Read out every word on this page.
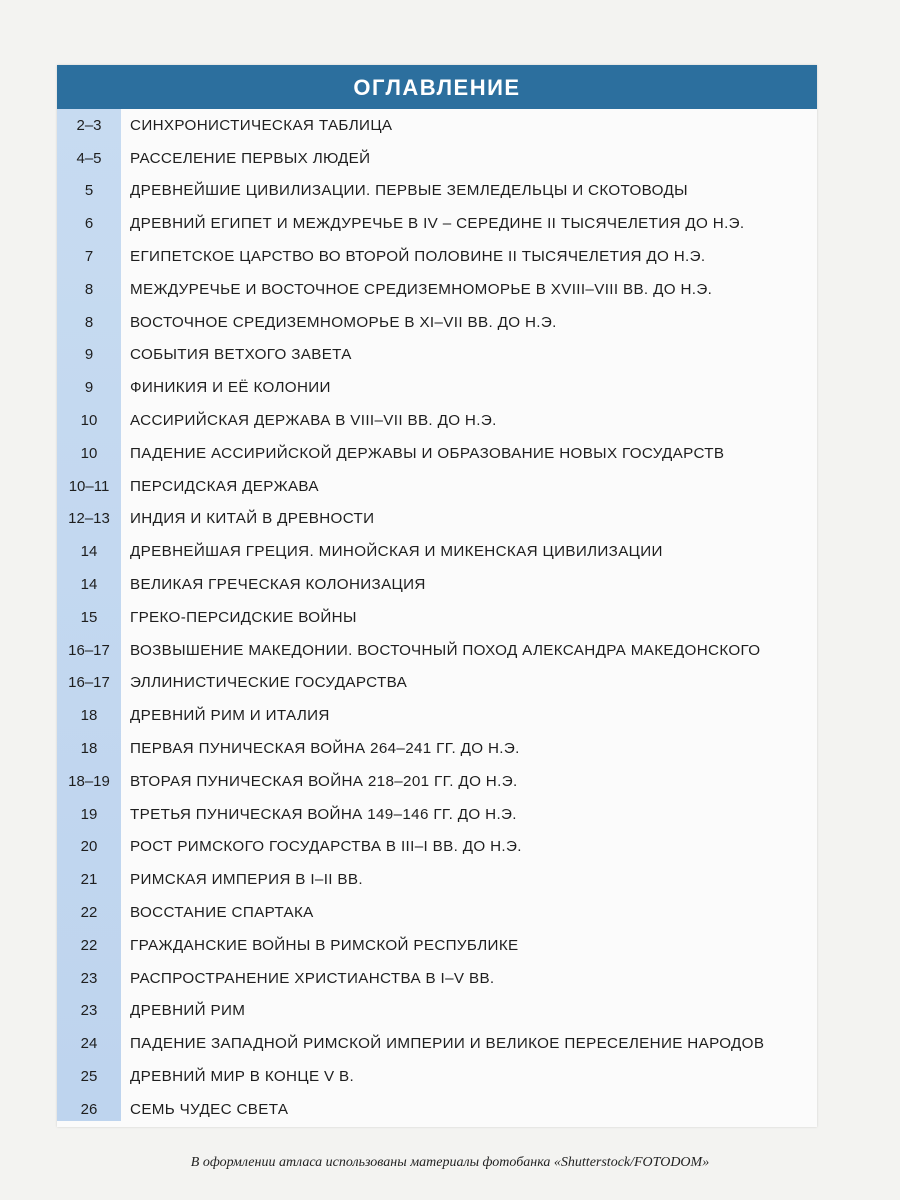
ОГЛАВЛЕНИЕ
2–3	СИНХРОНИСТИЧЕСКАЯ ТАБЛИЦА
4–5	РАССЕЛЕНИЕ ПЕРВЫХ ЛЮДЕЙ
5	ДРЕВНЕЙШИЕ ЦИВИЛИЗАЦИИ. ПЕРВЫЕ ЗЕМЛЕДЕЛЬЦЫ И СКОТОВОДЫ
6	ДРЕВНИЙ ЕГИПЕТ И МЕЖДУРЕЧЬЕ В IV – СЕРЕДИНЕ II ТЫСЯЧЕЛЕТИЯ ДО Н.Э.
7	ЕГИПЕТСКОЕ ЦАРСТВО ВО ВТОРОЙ ПОЛОВИНЕ II ТЫСЯЧЕЛЕТИЯ ДО Н.Э.
8	МЕЖДУРЕЧЬЕ И ВОСТОЧНОЕ СРЕДИЗЕМНОМОРЬЕ В XVIII–VIII ВВ. ДО Н.Э.
8	ВОСТОЧНОЕ СРЕДИЗЕМНОМОРЬЕ В XI–VII ВВ. ДО Н.Э.
9	СОБЫТИЯ ВЕТХОГО ЗАВЕТА
9	ФИНИКИЯ И ЕЁ КОЛОНИИ
10	АССИРИЙСКАЯ ДЕРЖАВА В VIII–VII ВВ. ДО Н.Э.
10	ПАДЕНИЕ АССИРИЙСКОЙ ДЕРЖАВЫ И ОБРАЗОВАНИЕ НОВЫХ ГОСУДАРСТВ
10–11	ПЕРСИДСКАЯ ДЕРЖАВА
12–13	ИНДИЯ И КИТАЙ В ДРЕВНОСТИ
14	ДРЕВНЕЙШАЯ ГРЕЦИЯ. МИНОЙСКАЯ И МИКЕНСКАЯ ЦИВИЛИЗАЦИИ
14	ВЕЛИКАЯ ГРЕЧЕСКАЯ КОЛОНИЗАЦИЯ
15	ГРЕКО-ПЕРСИДСКИЕ ВОЙНЫ
16–17	ВОЗВЫШЕНИЕ МАКЕДОНИИ. ВОСТОЧНЫЙ ПОХОД АЛЕКСАНДРА МАКЕДОНСКОГО
16–17	ЭЛЛИНИСТИЧЕСКИЕ ГОСУДАРСТВА
18	ДРЕВНИЙ РИМ И ИТАЛИЯ
18	ПЕРВАЯ ПУНИЧЕСКАЯ ВОЙНА 264–241 ГГ. ДО Н.Э.
18–19	ВТОРАЯ ПУНИЧЕСКАЯ ВОЙНА 218–201 ГГ. ДО Н.Э.
19	ТРЕТЬЯ ПУНИЧЕСКАЯ ВОЙНА 149–146 ГГ. ДО Н.Э.
20	РОСТ РИМСКОГО ГОСУДАРСТВА В III–I ВВ. ДО Н.Э.
21	РИМСКАЯ ИМПЕРИЯ В I–II ВВ.
22	ВОССТАНИЕ СПАРТАКА
22	ГРАЖДАНСКИЕ ВОЙНЫ В РИМСКОЙ РЕСПУБЛИКЕ
23	РАСПРОСТРАНЕНИЕ ХРИСТИАНСТВА В I–V ВВ.
23	ДРЕВНИЙ РИМ
24	ПАДЕНИЕ ЗАПАДНОЙ РИМСКОЙ ИМПЕРИИ И ВЕЛИКОЕ ПЕРЕСЕЛЕНИЕ НАРОДОВ
25	ДРЕВНИЙ МИР В КОНЦЕ V В.
26	СЕМЬ ЧУДЕС СВЕТА
В оформлении атласа использованы материалы фотобанка «Shutterstock/FOTODOM»
